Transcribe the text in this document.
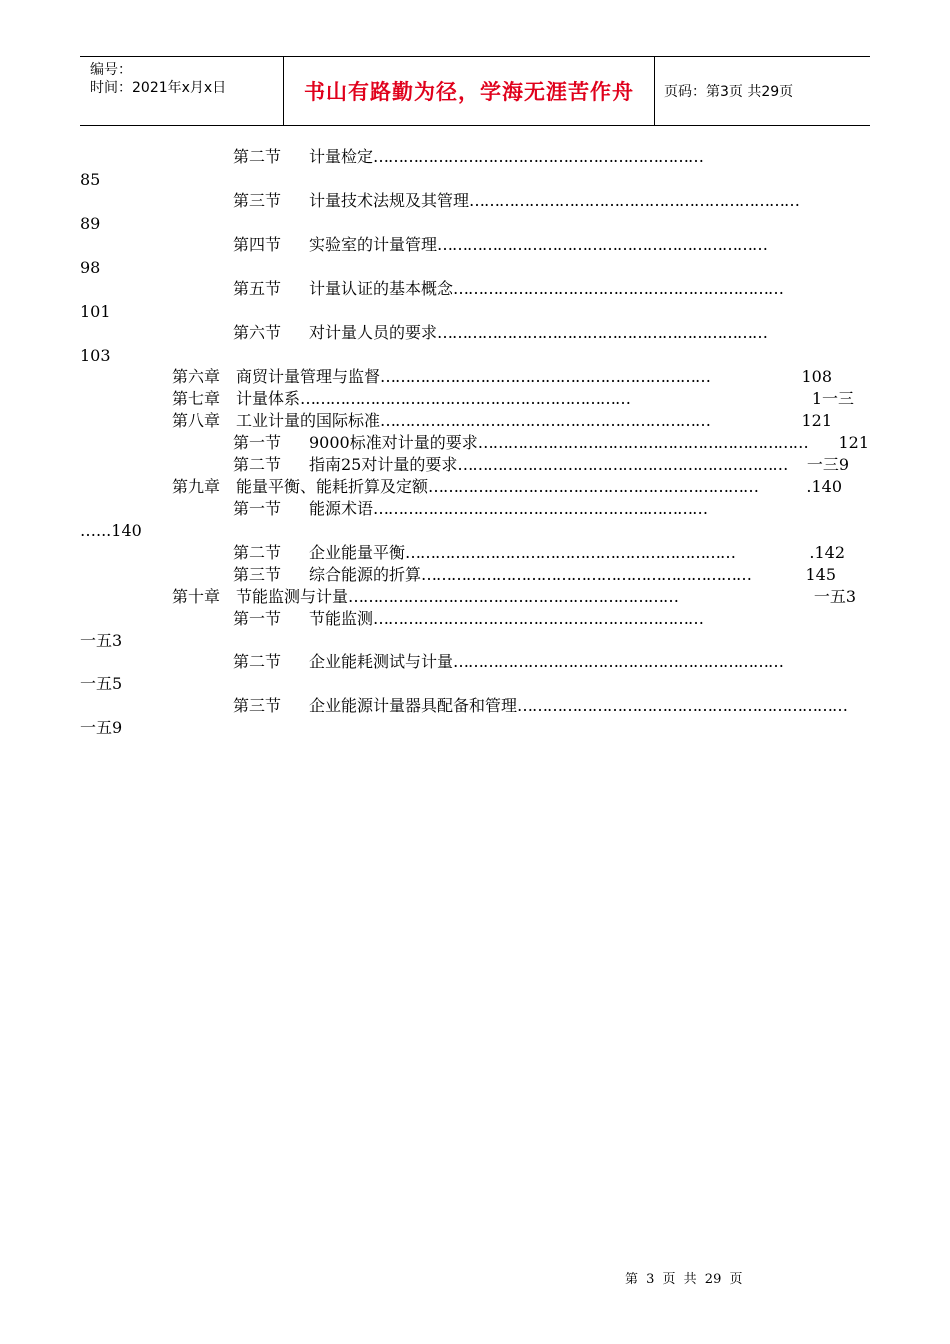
编号：
时间：2021年x月x日	书山有路勤为径，学海无涯苦作舟 页码：第3页 共29页
第二节 计量检定 …………………………………………………………
85
第三节 计量技术法规及其管理 …………………………………………………………
89
第四节 实验室的计量管理 …………………………………………………………
98
第五节 计量认证的基本概念 …………………………………………………………
101
第六节 对计量人员的要求 …………………………………………………………
103
第六章 商贸计量管理与监督 …………………………………………………………	108
第七章 计量体系 …………………………………………………………	1一三
第八章 工业计量的国际标准 …………………………………………………………	121
第一节 9000标准对计量的要求 …………………………………………………………	121
第二节 指南25对计量的要求 …………………………………………………………	一三9
第九章 能量平衡、能耗折算及定额 …………………………………………………………	.140
第一节 能源术语 ……………………………………………….…………
…...140
第二节 企业能量平衡 …………………………………………………………	.142
第三节 综合能源的折算 …………………………………………………………	145
第十章 节能监测与计量 …………………………………………………………	一五3
第一节 节能监测 …………………………………………………………
一五3
第二节 企业能耗测试与计量 …………………………………………………………
一五5
第三节 企业能源计量器具配备和管理 …………………………………………………………
一五9
第 3 页 共 29 页
